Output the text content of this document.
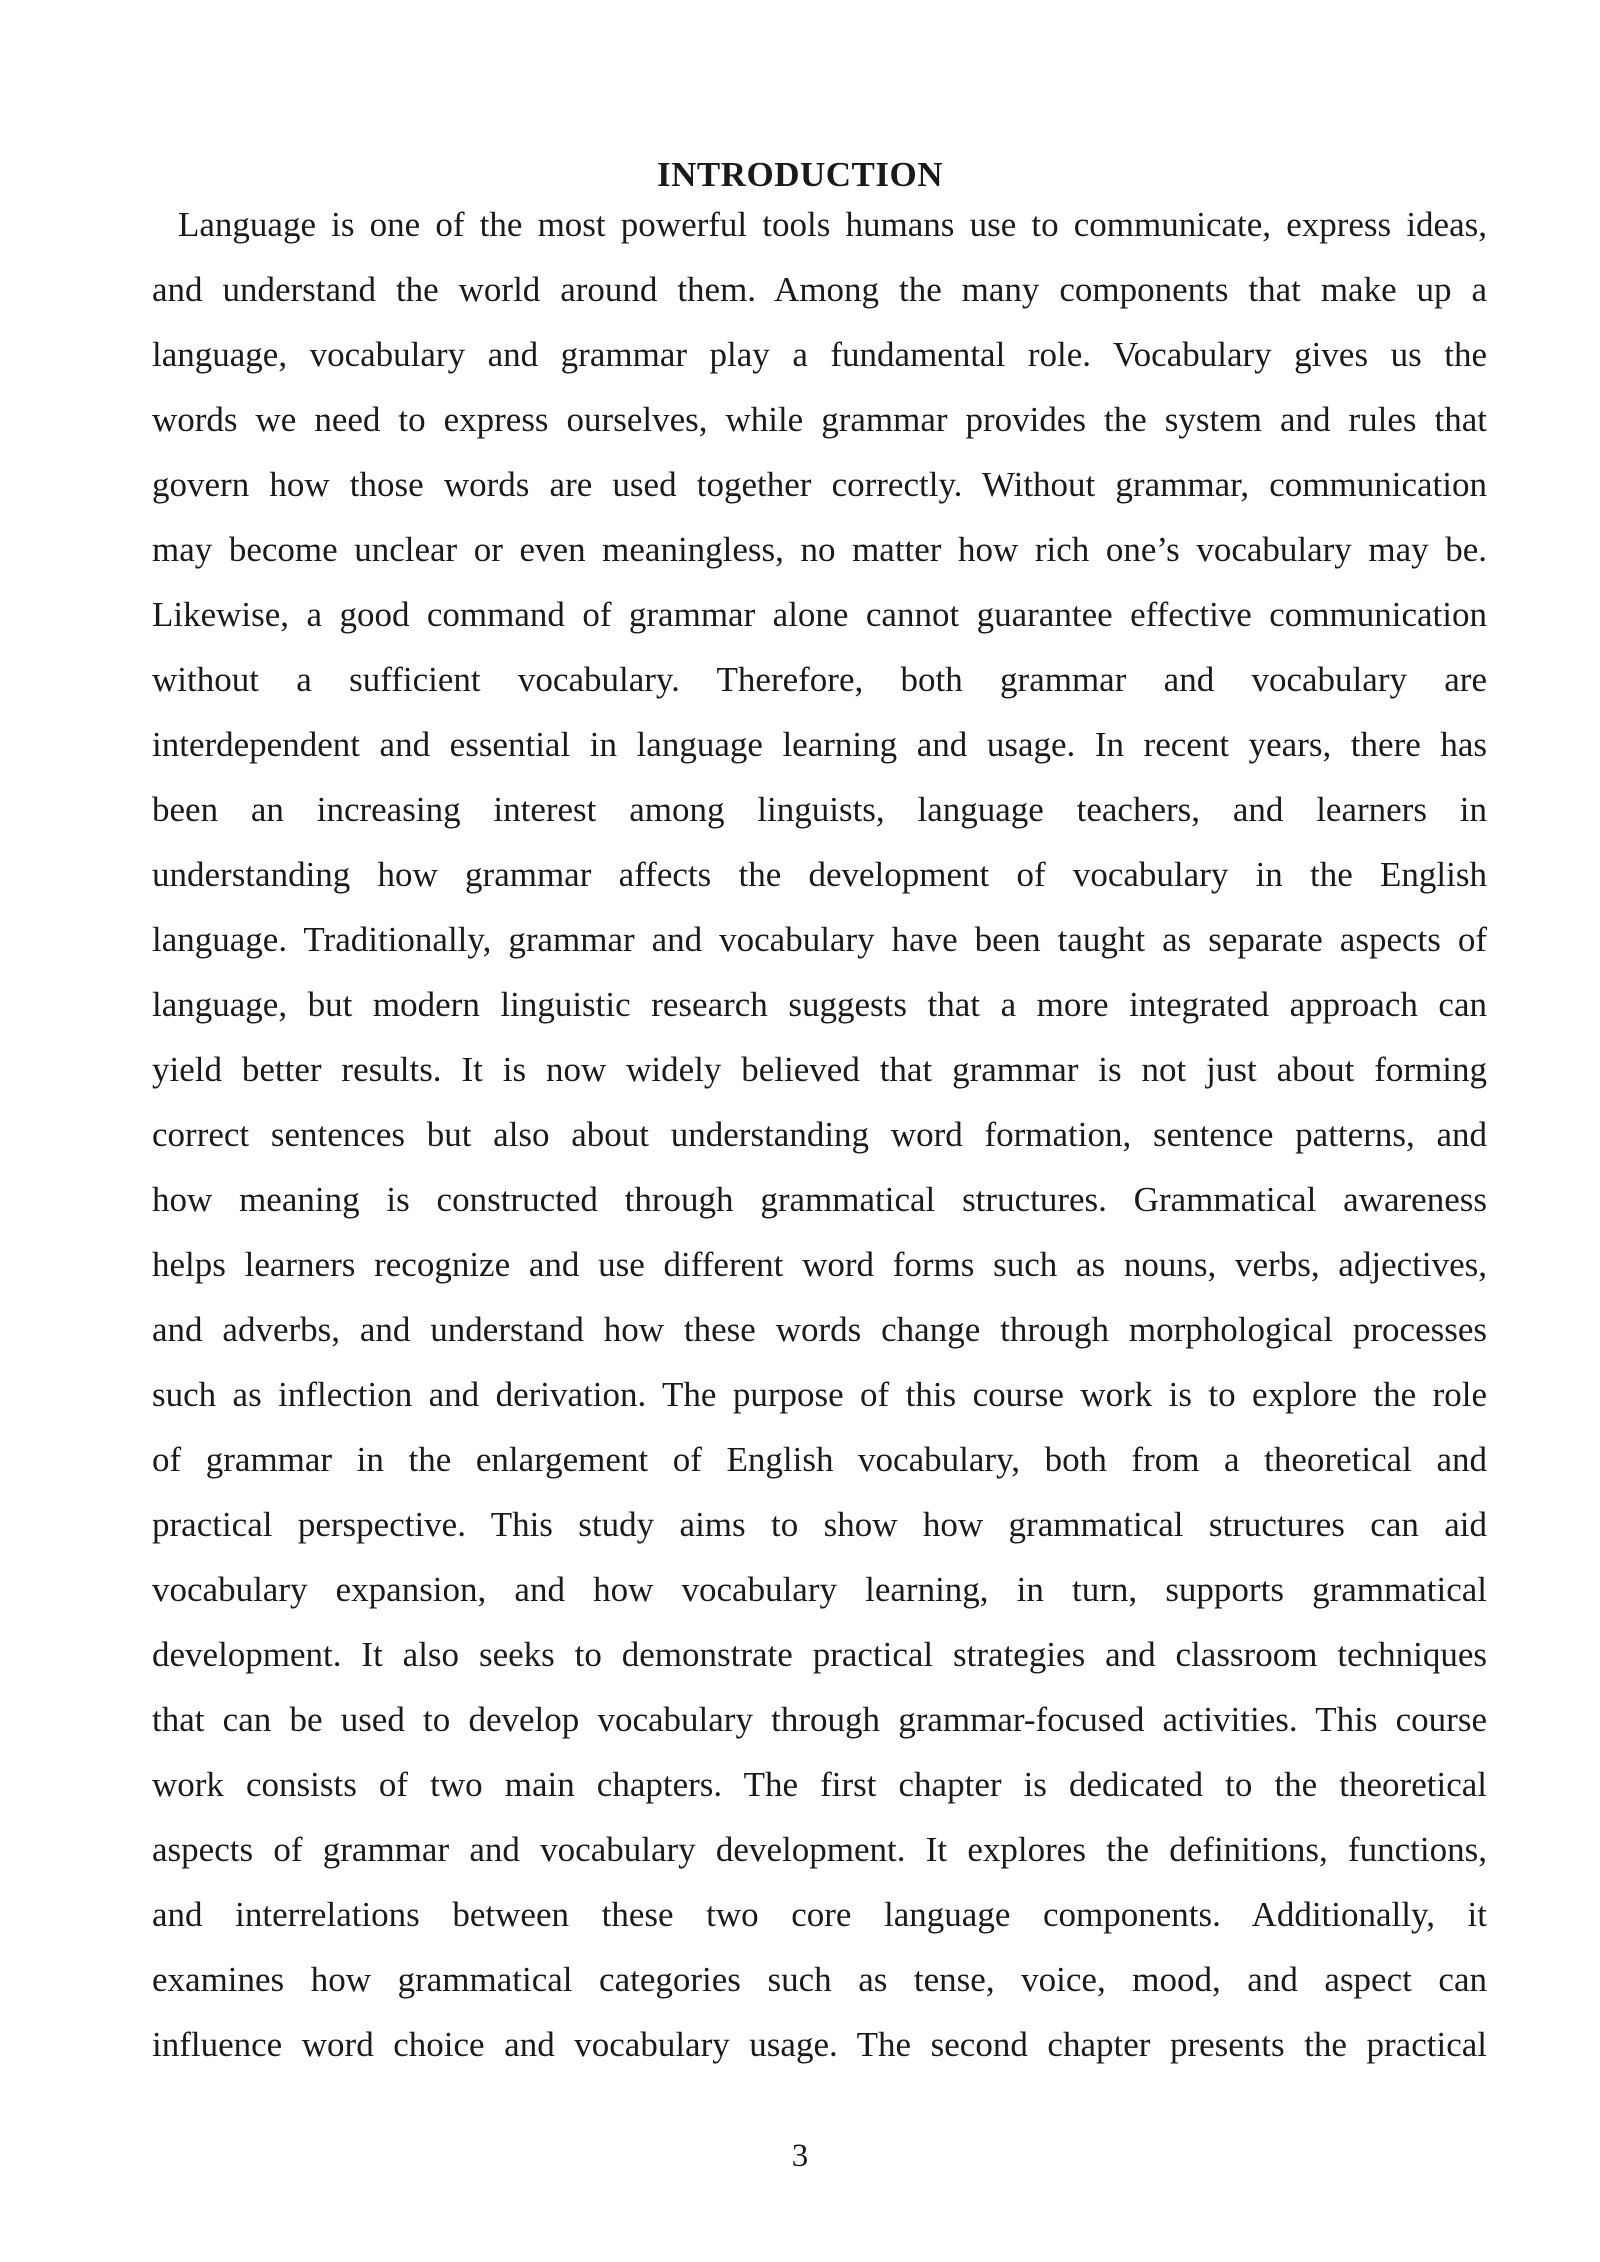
INTRODUCTION
Language is one of the most powerful tools humans use to communicate, express ideas,
and understand the world around them. Among the many components that make up a
language, vocabulary and grammar play a fundamental role. Vocabulary gives us the
words we need to express ourselves, while grammar provides the system and rules that
govern how those words are used together correctly. Without grammar, communication
may become unclear or even meaningless, no matter how rich one’s vocabulary may be.
Likewise, a good command of grammar alone cannot guarantee effective communication
without a sufficient vocabulary. Therefore, both grammar and vocabulary are
interdependent and essential in language learning and usage. In recent years, there has
been an increasing interest among linguists, language teachers, and learners in
understanding how grammar affects the development of vocabulary in the English
language. Traditionally, grammar and vocabulary have been taught as separate aspects of
language, but modern linguistic research suggests that a more integrated approach can
yield better results. It is now widely believed that grammar is not just about forming
correct sentences but also about understanding word formation, sentence patterns, and
how meaning is constructed through grammatical structures. Grammatical awareness
helps learners recognize and use different word forms such as nouns, verbs, adjectives,
and adverbs, and understand how these words change through morphological processes
such as inflection and derivation. The purpose of this course work is to explore the role
of grammar in the enlargement of English vocabulary, both from a theoretical and
practical perspective. This study aims to show how grammatical structures can aid
vocabulary expansion, and how vocabulary learning, in turn, supports grammatical
development. It also seeks to demonstrate practical strategies and classroom techniques
that can be used to develop vocabulary through grammar-focused activities. This course
work consists of two main chapters. The first chapter is dedicated to the theoretical
aspects of grammar and vocabulary development. It explores the definitions, functions,
and interrelations between these two core language components. Additionally, it
examines how grammatical categories such as tense, voice, mood, and aspect can
influence word choice and vocabulary usage. The second chapter presents the practical
3
